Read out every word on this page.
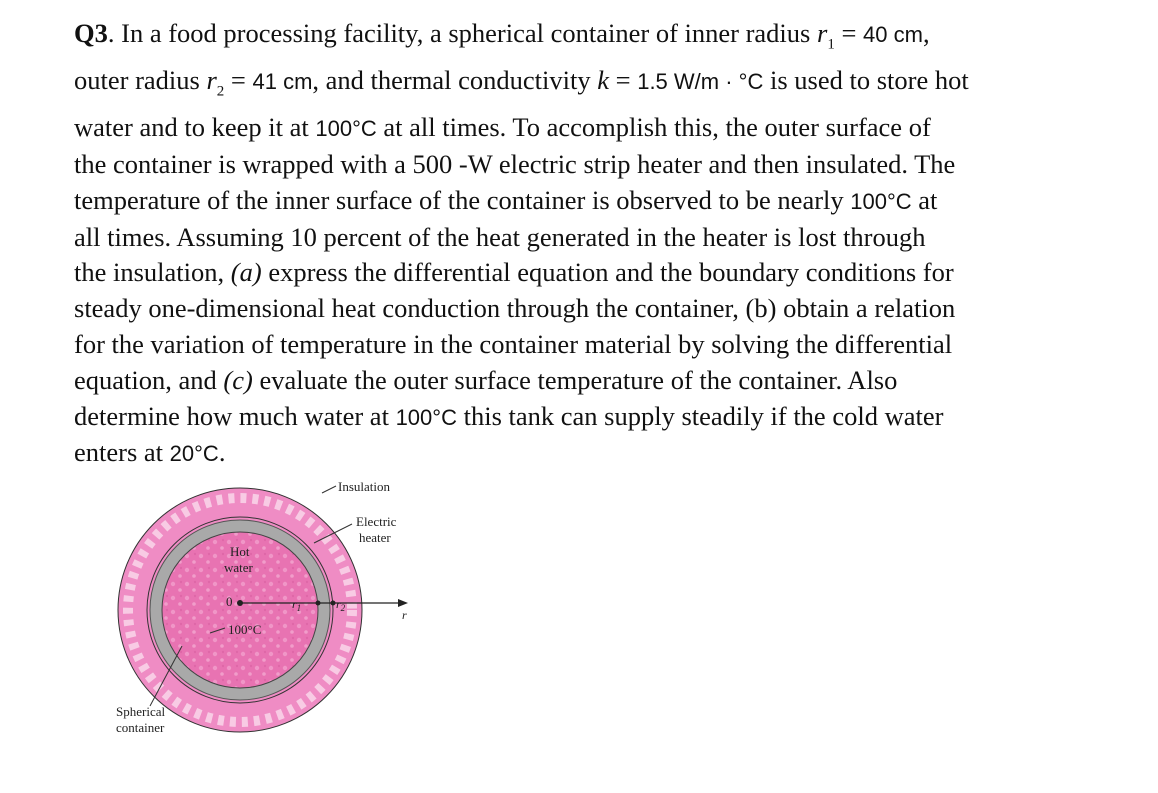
Q3. In a food processing facility, a spherical container of inner radius $r_1 = 40$ cm,
outer radius $r_2 = 41$ cm, and thermal conductivity k = 1.5 W/m · °C is used to store hot
water and to keep it at 100°C at all times. To accomplish this, the outer surface of
the container is wrapped with a 500 -W electric strip heater and then insulated. The
temperature of the inner surface of the container is observed to be nearly 100°C at
all times. Assuming 10 percent of the heat generated in the heater is lost through
the insulation, (a) express the differential equation and the boundary conditions for
steady one-dimensional heat conduction through the container, (b) obtain a relation
for the variation of temperature in the container material by solving the differential
equation, and (c) evaluate the outer surface temperature of the container. Also
determine how much water at 100°C this tank can supply steadily if the cold water
enters at 20°C.
Insulation
Electric
heater
Hot
water
0
100°C
$r_1$	$r_2$	r
Spherical
container
